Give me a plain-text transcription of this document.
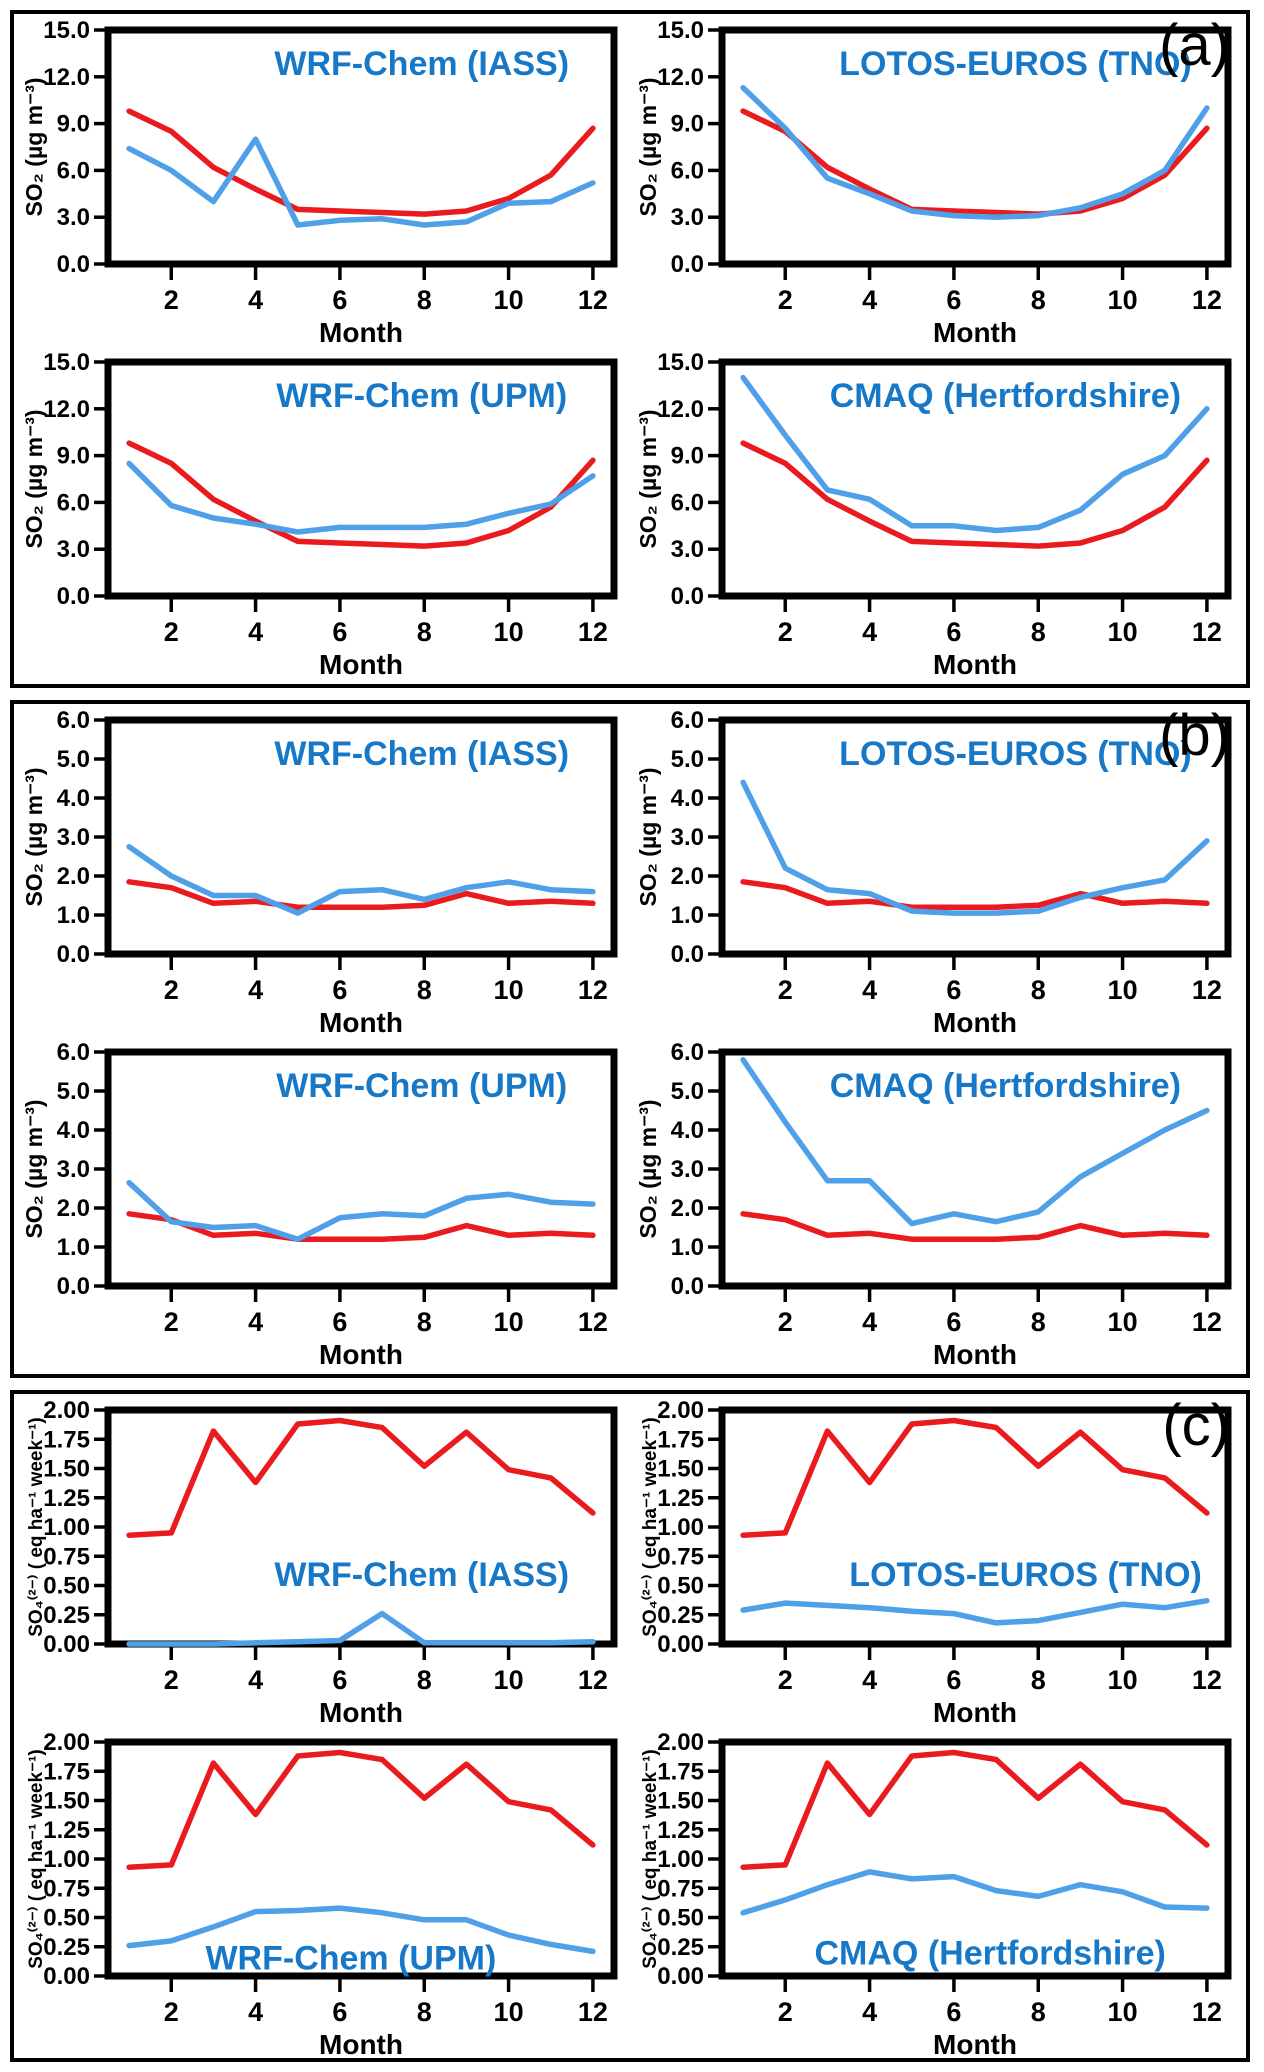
(a)
0.0
3.0
6.0
9.0
12.0
15.0
2	4	6	8 10 12
Month
SO₂ (µg m⁻³)
WRF-Chem (IASS)
0.0
3.0
6.0
9.0
12.0
15.0
2	4	6	8 10 12
Month
SO₂ (µg m⁻³)
LOTOS-EUROS (TNO)
0.0
3.0
6.0
9.0
12.0
15.0
2	4	6	8 10 12
Month
SO₂ (µg m⁻³)
WRF-Chem (UPM)
0.0
3.0
6.0
9.0
12.0
15.0
2	4	6	8 10 12
Month
SO₂ (µg m⁻³)
CMAQ (Hertfordshire)
(b)
0.0
1.0
2.0
3.0
4.0
5.0
6.0
2	4	6	8 10 12
Month
SO₂ (µg m⁻³)
WRF-Chem (IASS)
0.0
1.0
2.0
3.0
4.0
5.0
6.0
2	4	6	8 10 12
Month
SO₂ (µg m⁻³)
LOTOS-EUROS (TNO)
0.0
1.0
2.0
3.0
4.0
5.0
6.0
2	4	6	8 10 12
Month
SO₂ (µg m⁻³)
WRF-Chem (UPM)
0.0
1.0
2.0
3.0
4.0
5.0
6.0
2	4	6	8 10 12
Month
SO₂ (µg m⁻³)
CMAQ (Hertfordshire)
(c)
0.00
0.25
0.50
0.75
1.00
1.25
1.50
1.75
2.00
2	4	6	8 10 12
Month
SO₄⁽²⁻⁾ ( eq ha⁻¹ week⁻¹)	WRF-Chem (IASS)
0.00
0.25
0.50
0.75
1.00
1.25
1.50
1.75
2.00
2	4	6	8 10 12
Month
SO₄⁽²⁻⁾ ( eq ha⁻¹ week⁻¹)	LOTOS-EUROS (TNO)
0.00
0.25
0.50
0.75
1.00
1.25
1.50
1.75
2.00
2	4	6	8 10 12
Month
SO₄⁽²⁻⁾ ( eq ha⁻¹ week⁻¹)	WRF-Chem (UPM)	0.00
0.25
0.50
0.75
1.00
1.25
1.50
1.75
2.00
2	4	6	8 10 12
Month
SO₄⁽²⁻⁾ ( eq ha⁻¹ week⁻¹)	CMAQ (Hertfordshire)
